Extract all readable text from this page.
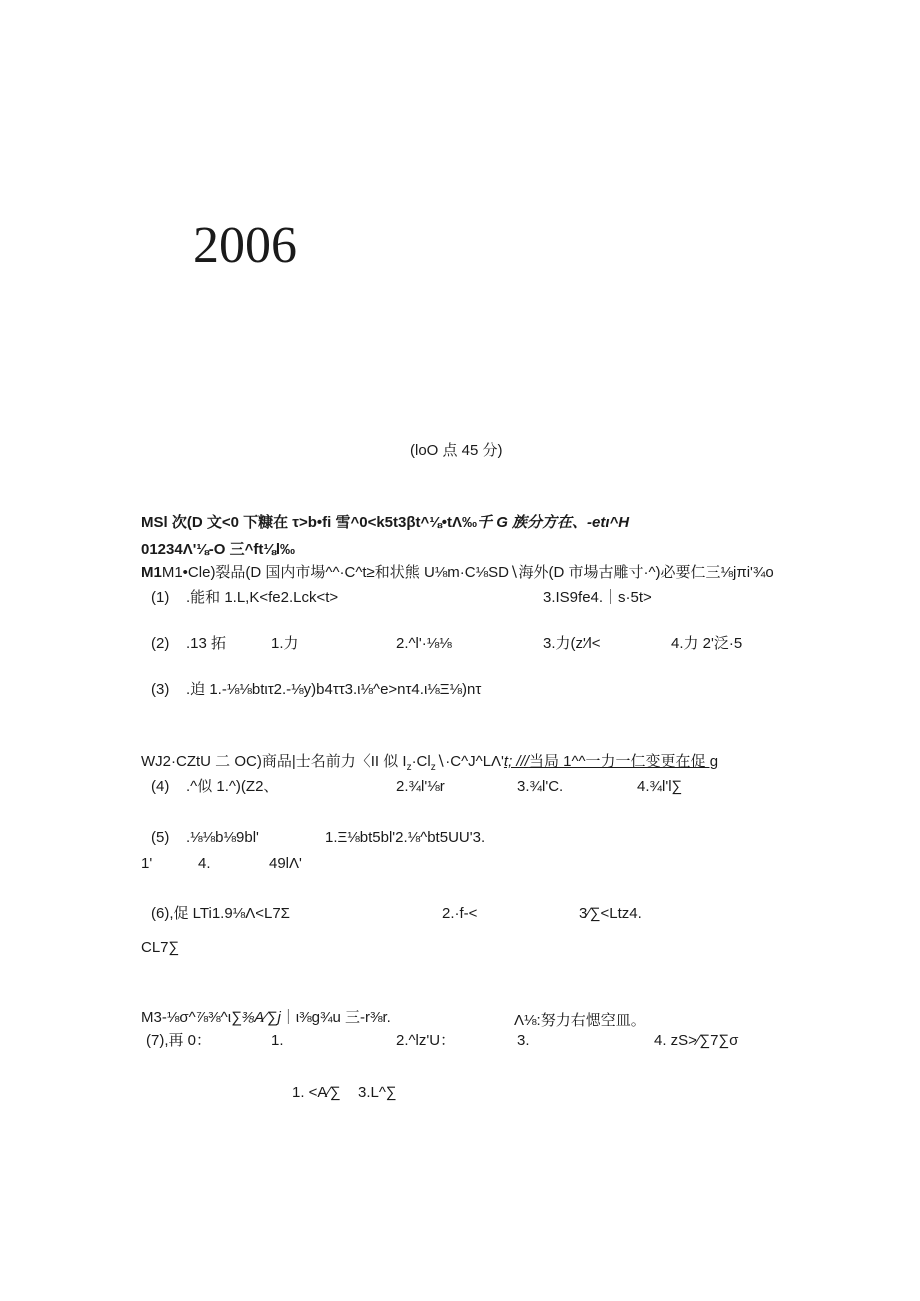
2006
(loO 点 45 分)
MSl 次(D 文<0 下糠在 τ>b•fi 雪^0<k5t3βt^⅛•tΛ‰千 G 族分方在、-etι^H
01234Λ'⅛-O 三^ft⅛l‰
M1M1•Cle)裂品(D 国内市場^^·C^t≥和状熊 U⅛m·C⅛SD∖海外(D 市場古雕寸·^)必要仁三⅛jπi'¾o
(1) .能和 1.L,K<fe2.Lck<t>	3.IS9fe4.｜s·5t>
(2) .13 拓	1.力	2.^l'·⅛⅛	3.力(z'∕l<	4.力 2'泛·5
(3) .迫 1.-⅛⅛btιτ2.-⅛y)b4ττ3.ι⅛^e>nτ4.ι⅛Ξ⅛)nτ
WJ2·CZtU 二 OC)商品|士名前力〈II 似 $I_z\cdot Cl_z∖\cdot C\^{}J\^{}L\Lambda't$; ///当局 1^^一力一仁变更在促 g
(4) .^似 1.^)(Z2、	2.¾l'⅛r	3.¾l'C.	4.¾l'l∑
(5) .⅛⅛b⅛9bl'	1.Ξ⅛bt5bl'2.⅛^bt5UU'3.
1'	4.	49lΛ'
(6),促 LTi1.9⅛Λ<L7Σ	2.·f-<	3∕∑<Ltz4.
CL7∑
M3-⅛σ^⅞⅜^ι∑⅜A∕∑j｜ι⅜g¾u 三-r⅜r.	Λ⅛:努力右愢空皿。
(7),再 0：	1.	2.^lz'U：	3.	4. zS>∕∑7∑σ
1. <A∕∑ 3.L^∑
